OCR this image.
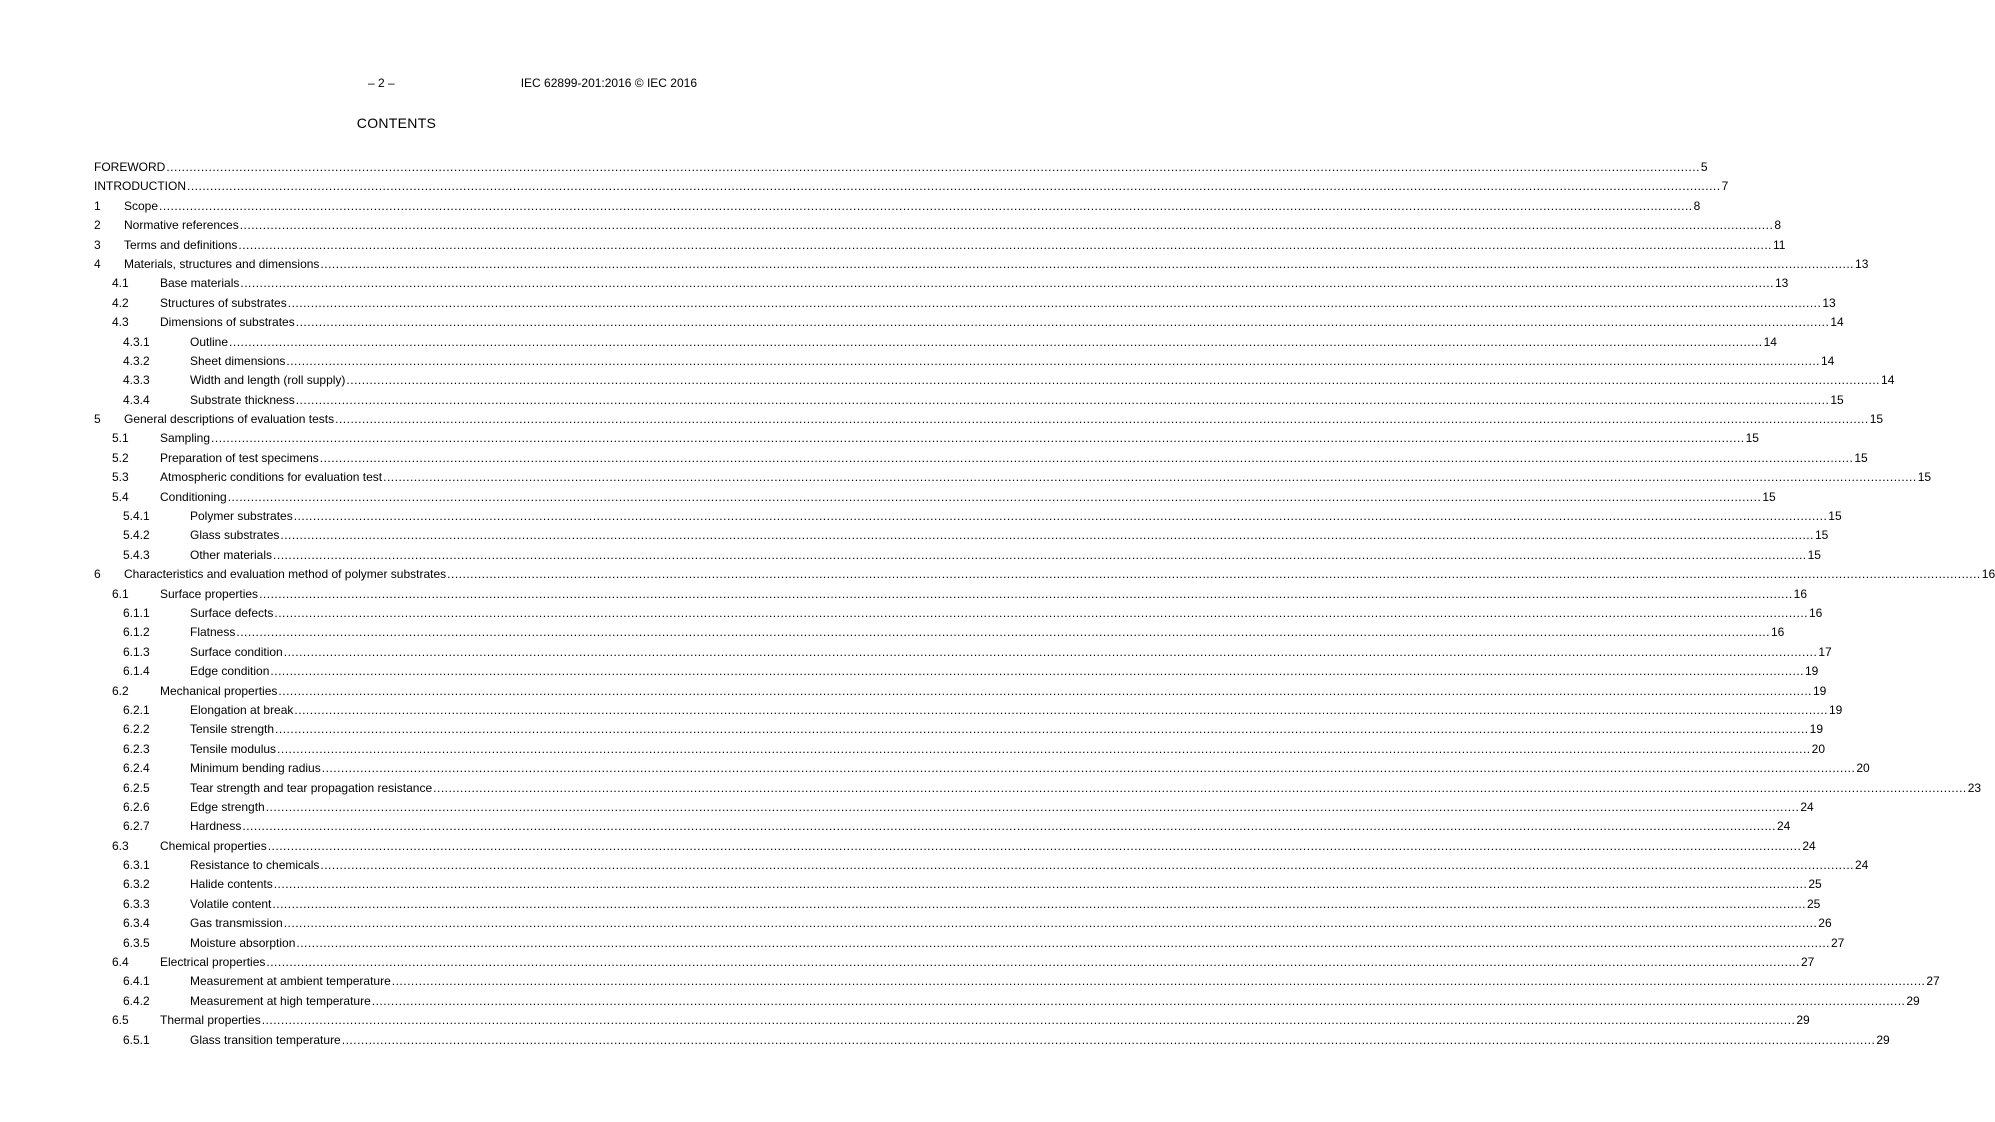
– 2 –	IEC 62899-201:2016 © IEC 2016
CONTENTS
FOREWORD ................................................................................................................................................................................................................................................................................................................................................................................................................ 5
INTRODUCTION ................................................................................................................................................................................................................................................................................................................................................................................................................ 7
1 Scope ................................................................................................................................................................................................................................................................................................................................................................................................................ 8
2 Normative references ................................................................................................................................................................................................................................................................................................................................................................................................................ 8
3 Terms and definitions ................................................................................................................................................................................................................................................................................................................................................................................................................ 11
4 Materials, structures and dimensions ................................................................................................................................................................................................................................................................................................................................................................................................................ 13
4.1	Base materials ................................................................................................................................................................................................................................................................................................................................................................................................................ 13
4.2	Structures of substrates ................................................................................................................................................................................................................................................................................................................................................................................................................ 13
4.3	Dimensions of substrates ................................................................................................................................................................................................................................................................................................................................................................................................................ 14
4.3.1	Outline ................................................................................................................................................................................................................................................................................................................................................................................................................ 14
4.3.2	Sheet dimensions ................................................................................................................................................................................................................................................................................................................................................................................................................ 14
4.3.3	Width and length (roll supply) ................................................................................................................................................................................................................................................................................................................................................................................................................ 14
4.3.4	Substrate thickness ................................................................................................................................................................................................................................................................................................................................................................................................................ 15
5 General descriptions of evaluation tests ................................................................................................................................................................................................................................................................................................................................................................................................................ 15
5.1	Sampling ................................................................................................................................................................................................................................................................................................................................................................................................................ 15
5.2	Preparation of test specimens ................................................................................................................................................................................................................................................................................................................................................................................................................ 15
5.3	Atmospheric conditions for evaluation test ................................................................................................................................................................................................................................................................................................................................................................................................................ 15
5.4	Conditioning ................................................................................................................................................................................................................................................................................................................................................................................................................ 15
5.4.1	Polymer substrates ................................................................................................................................................................................................................................................................................................................................................................................................................ 15
5.4.2	Glass substrates ................................................................................................................................................................................................................................................................................................................................................................................................................ 15
5.4.3	Other materials ................................................................................................................................................................................................................................................................................................................................................................................................................ 15
6 Characteristics and evaluation method of polymer substrates ................................................................................................................................................................................................................................................................................................................................................................................................................ 16
6.1	Surface properties ................................................................................................................................................................................................................................................................................................................................................................................................................ 16
6.1.1	Surface defects ................................................................................................................................................................................................................................................................................................................................................................................................................ 16
6.1.2	Flatness ................................................................................................................................................................................................................................................................................................................................................................................................................ 16
6.1.3	Surface condition ................................................................................................................................................................................................................................................................................................................................................................................................................ 17
6.1.4	Edge condition ................................................................................................................................................................................................................................................................................................................................................................................................................ 19
6.2	Mechanical properties ................................................................................................................................................................................................................................................................................................................................................................................................................ 19
6.2.1	Elongation at break ................................................................................................................................................................................................................................................................................................................................................................................................................ 19
6.2.2	Tensile strength ................................................................................................................................................................................................................................................................................................................................................................................................................ 19
6.2.3	Tensile modulus ................................................................................................................................................................................................................................................................................................................................................................................................................ 20
6.2.4	Minimum bending radius ................................................................................................................................................................................................................................................................................................................................................................................................................ 20
6.2.5	Tear strength and tear propagation resistance ................................................................................................................................................................................................................................................................................................................................................................................................................ 23
6.2.6	Edge strength ................................................................................................................................................................................................................................................................................................................................................................................................................ 24
6.2.7	Hardness ................................................................................................................................................................................................................................................................................................................................................................................................................ 24
6.3	Chemical properties ................................................................................................................................................................................................................................................................................................................................................................................................................ 24
6.3.1	Resistance to chemicals ................................................................................................................................................................................................................................................................................................................................................................................................................ 24
6.3.2	Halide contents ................................................................................................................................................................................................................................................................................................................................................................................................................ 25
6.3.3	Volatile content ................................................................................................................................................................................................................................................................................................................................................................................................................ 25
6.3.4	Gas transmission ................................................................................................................................................................................................................................................................................................................................................................................................................ 26
6.3.5	Moisture absorption ................................................................................................................................................................................................................................................................................................................................................................................................................ 27
6.4	Electrical properties ................................................................................................................................................................................................................................................................................................................................................................................................................ 27
6.4.1	Measurement at ambient temperature ................................................................................................................................................................................................................................................................................................................................................................................................................ 27
6.4.2	Measurement at high temperature ................................................................................................................................................................................................................................................................................................................................................................................................................ 29
6.5	Thermal properties ................................................................................................................................................................................................................................................................................................................................................................................................................ 29
6.5.1	Glass transition temperature ................................................................................................................................................................................................................................................................................................................................................................................................................ 29
